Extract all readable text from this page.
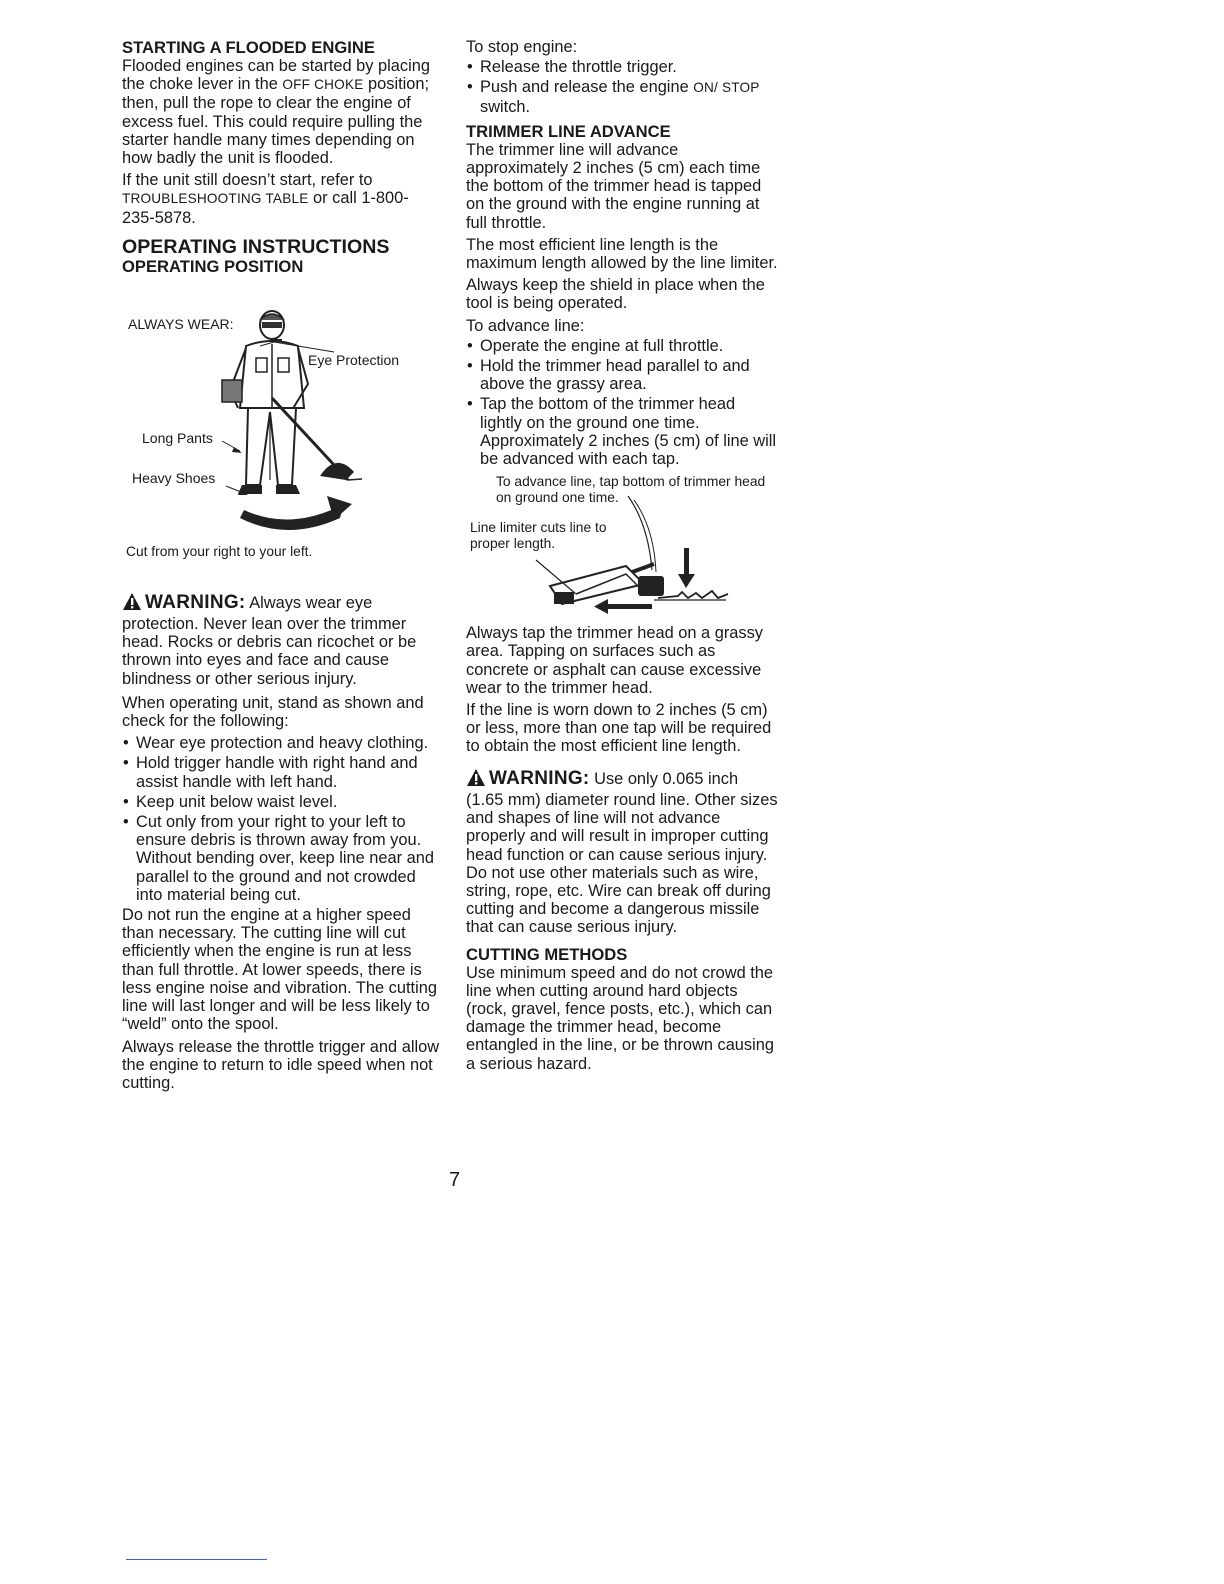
STARTING A FLOODED ENGINE

Flooded engines can be started by placing the choke lever in the OFF CHOKE position; then, pull the rope to clear the engine of excess fuel. This could require pulling the starter handle many times depending on how badly the unit is flooded.

If the unit still doesn’t start, refer to TROUBLESHOOTING TABLE or call 1-800-235-5878.

OPERATING INSTRUCTIONS
OPERATING POSITION
ALWAYS WEAR:
Eye Protection
Long Pants
Heavy Shoes
Cut from your right to your left.

WARNING: Always wear eye protection. Never lean over the trimmer head. Rocks or debris can ricochet or be thrown into eyes and face and cause blindness or other serious injury.

When operating unit, stand as shown and check for the following:

• Wear eye protection and heavy clothing.
• Hold trigger handle with right hand and assist handle with left hand.
• Keep unit below waist level.
• Cut only from your right to your left to ensure debris is thrown away from you. Without bending over, keep line near and parallel to the ground and not crowded into material being cut.

Do not run the engine at a higher speed than necessary. The cutting line will cut efficiently when the engine is run at less than full throttle. At lower speeds, there is less engine noise and vibration. The cutting line will last longer and will be less likely to “weld” onto the spool.

Always release the throttle trigger and allow the engine to return to idle speed when not cutting.

To stop engine:

• Release the throttle trigger.
• Push and release the engine ON/ STOP switch.
TRIMMER LINE ADVANCE

The trimmer line will advance approximately 2 inches (5 cm) each time the bottom of the trimmer head is tapped on the ground with the engine running at full throttle.

The most efficient line length is the maximum length allowed by the line limiter.

Always keep the shield in place when the tool is being operated.

To advance line:

• Operate the engine at full throttle.
• Hold the trimmer head parallel to and above the grassy area.
• Tap the bottom of the trimmer head lightly on the ground one time. Approximately 2 inches (5 cm) of line will be advanced with each tap.
To advance line, tap bottom of trimmer head on ground one time.
Line limiter cuts line to proper length.

Always tap the trimmer head on a grassy area. Tapping on surfaces such as concrete or asphalt can cause excessive wear to the trimmer head.

If the line is worn down to 2 inches (5 cm) or less, more than one tap will be required to obtain the most efficient line length.

WARNING: Use only 0.065 inch (1.65 mm) diameter round line. Other sizes and shapes of line will not advance properly and will result in improper cutting head function or can cause serious injury. Do not use other materials such as wire, string, rope, etc. Wire can break off during cutting and become a dangerous missile that can cause serious injury.

CUTTING METHODS

Use minimum speed and do not crowd the line when cutting around hard objects (rock, gravel, fence posts, etc.), which can damage the trimmer head, become entangled in the line, or be thrown causing a serious hazard.

7
